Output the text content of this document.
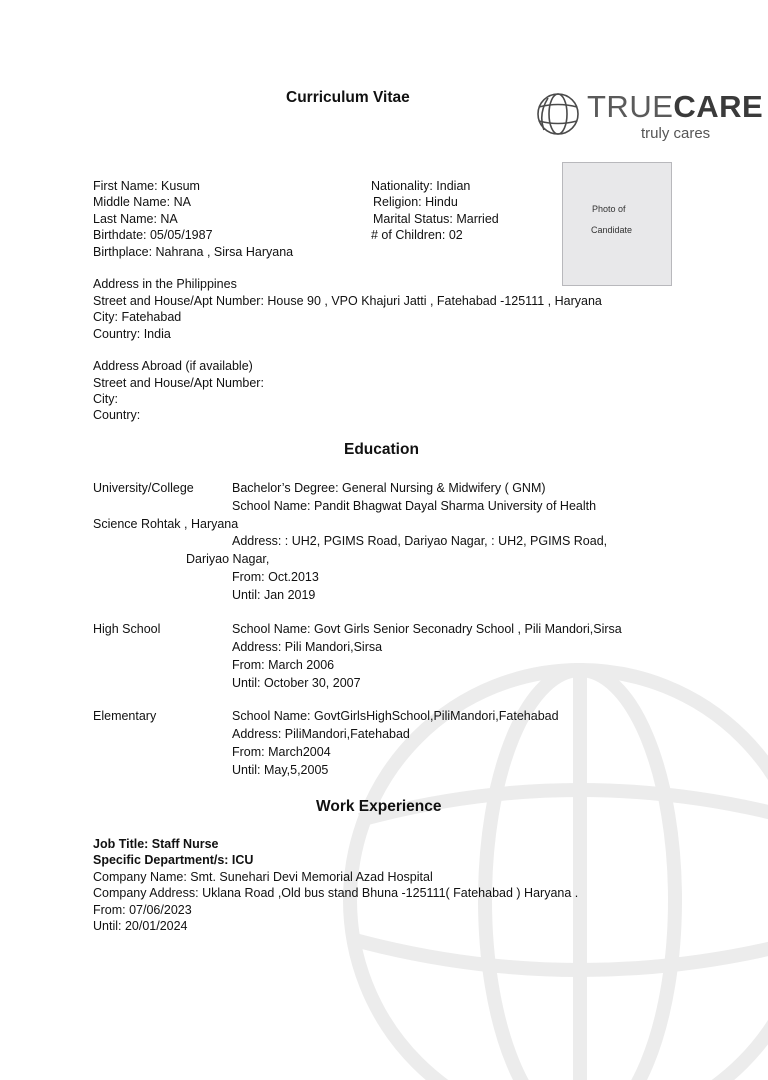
Curriculum Vitae	TRUECARE
truly cares
Photo of
Candidate
First Name: Kusum
Middle Name: NA
Last Name: NA
Birthdate: 05/05/1987
Birthplace: Nahrana , Sirsa Haryana
Nationality: Indian
Religion: Hindu
Marital Status: Married
# of Children: 02
Address in the Philippines
Street and House/Apt Number: House 90 , VPO Khajuri Jatti , Fatehabad -125111 , Haryana
City: Fatehabad
Country: India
Address Abroad (if available)
Street and House/Apt Number:
City:
Country:
Education
University/College	Bachelor’s Degree: General Nursing & Midwifery ( GNM)
School Name: Pandit Bhagwat Dayal Sharma University of Health
Science Rohtak , Haryana
Address: : UH2, PGIMS Road, Dariyao Nagar, : UH2, PGIMS Road,
Dariyao Nagar,
From: Oct.2013
Until: Jan 2019
High School	School Name: Govt Girls Senior Seconadry School , Pili Mandori,Sirsa
Address: Pili Mandori,Sirsa
From: March 2006
Until: October 30, 2007
Elementary	School Name: GovtGirlsHighSchool,PiliMandori,Fatehabad
Address: PiliMandori,Fatehabad
From: March2004
Until: May,5,2005
Work Experience
Job Title: Staff Nurse
Specific Department/s: ICU
Company Name: Smt. Sunehari Devi Memorial Azad Hospital
Company Address: Uklana Road ,Old bus stand Bhuna -125111( Fatehabad ) Haryana .
From: 07/06/2023
Until: 20/01/2024
